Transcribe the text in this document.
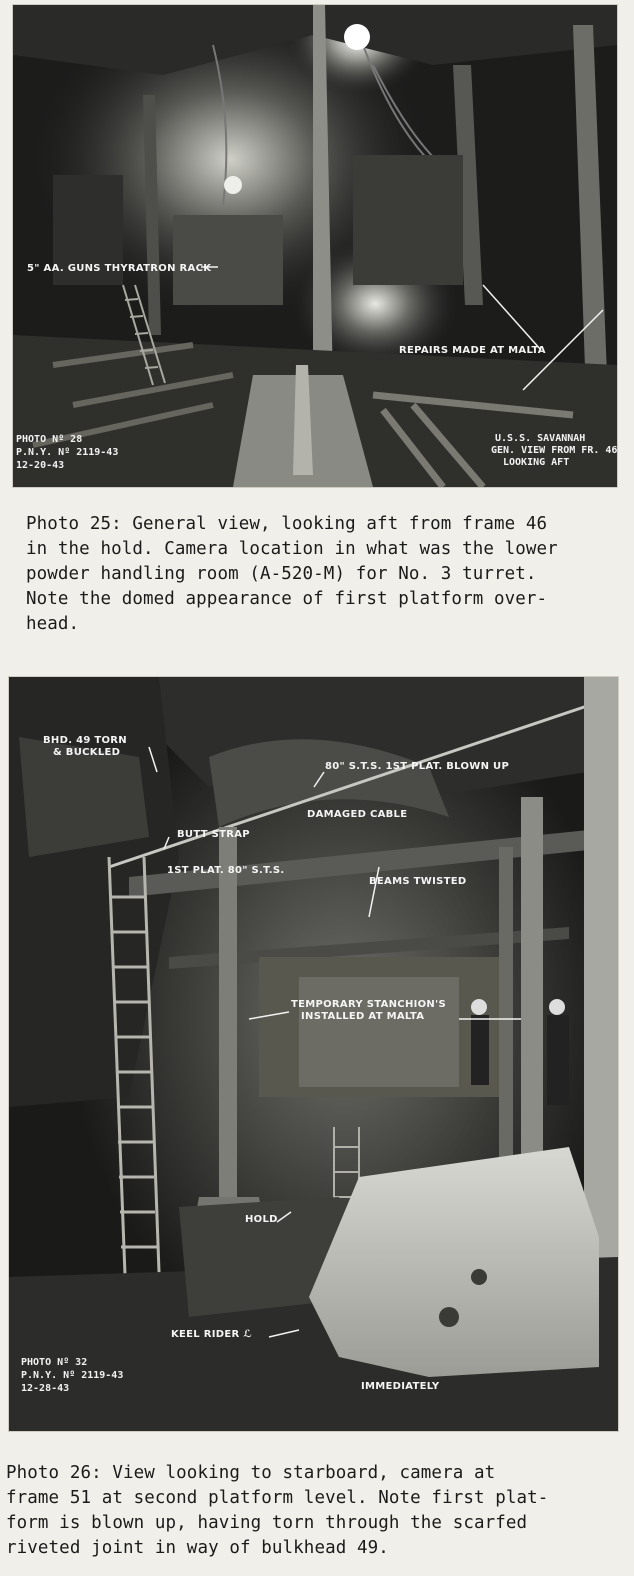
5" AA. GUNS THYRATRON RACK
REPAIRS MADE AT MALTA
PHOTO Nº 28
P.N.Y. Nº 2119-43
12-20-43
U.S.S. SAVANNAH
GEN. VIEW FROM FR. 46
LOOKING AFT
Photo 25: General view, looking aft from frame 46
in the hold. Camera location in what was the lower
powder handling room (A-520-M) for No. 3 turret.
Note the domed appearance of first platform over-
head.
BHD. 49 TORN
& BUCKLED
80" S.T.S. 1ST PLAT. BLOWN UP
DAMAGED CABLE
BUTT STRAP
1ST PLAT. 80" S.T.S.
BEAMS TWISTED
TEMPORARY STANCHION'S
INSTALLED AT MALTA
HOLD
KEEL RIDER ℒ
IMMEDIATELY
PHOTO Nº 32
P.N.Y. Nº 2119-43
12-28-43
Photo 26: View looking to starboard, camera at
frame 51 at second platform level. Note first plat-
form is blown up, having torn through the scarfed
riveted joint in way of bulkhead 49.
